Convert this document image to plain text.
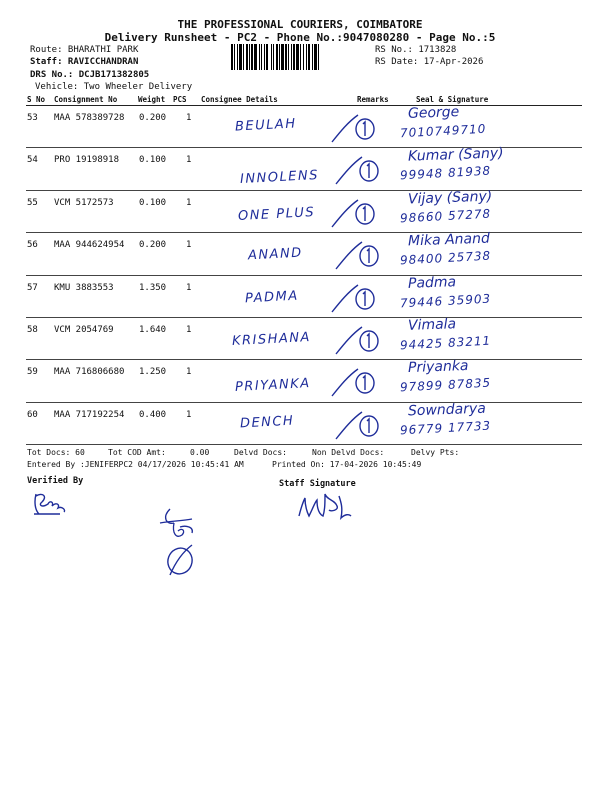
THE PROFESSIONAL COURIERS, COIMBATORE
Delivery Runsheet - PC2 - Phone No.:9047080280 - Page No.:5
Route: BHARATHI PARK
Staff: RAVICCHANDRAN
DRS No.: DCJB171382805
Vehicle: Two Wheeler Delivery
RS No.: 1713828
RS Date: 17-Apr-2026
S No Consignment No	Weight PCS Consignee Details	Remarks	Seal & Signature
53 MAA 578389728 0.200 1	BEULAH
George
7010749710
54 PRO 19198918 0.100 1
INNOLENS
Kumar (Sany)
99948 81938
55 VCM 5172573	0.100 1
ONE PLUS
Vijay (Sany)
98660 57278
56 MAA 944624954 0.200 1
ANAND
Mika Anand
98400 25738
57 KMU 3883553	1.350 1
PADMA
Padma
79446 35903
58 VCM 2054769	1.640 1	KRISHANA
Vimala
94425 83211
59 MAA 716806680 1.250 1
PRIYANKA
Priyanka
97899 87835
60 MAA 717192254 0.400 1	DENCH
Sowndarya
96779 17733
Tot Docs: 60	Tot COD Amt:	0.00	Delvd Docs:	Non Delvd Docs:	Delvy Pts:
Entered By :JENIFERPC2 04/17/2026 10:45:41 AM	Printed On: 17-04-2026 10:45:49
Verified By	Staff Signature
